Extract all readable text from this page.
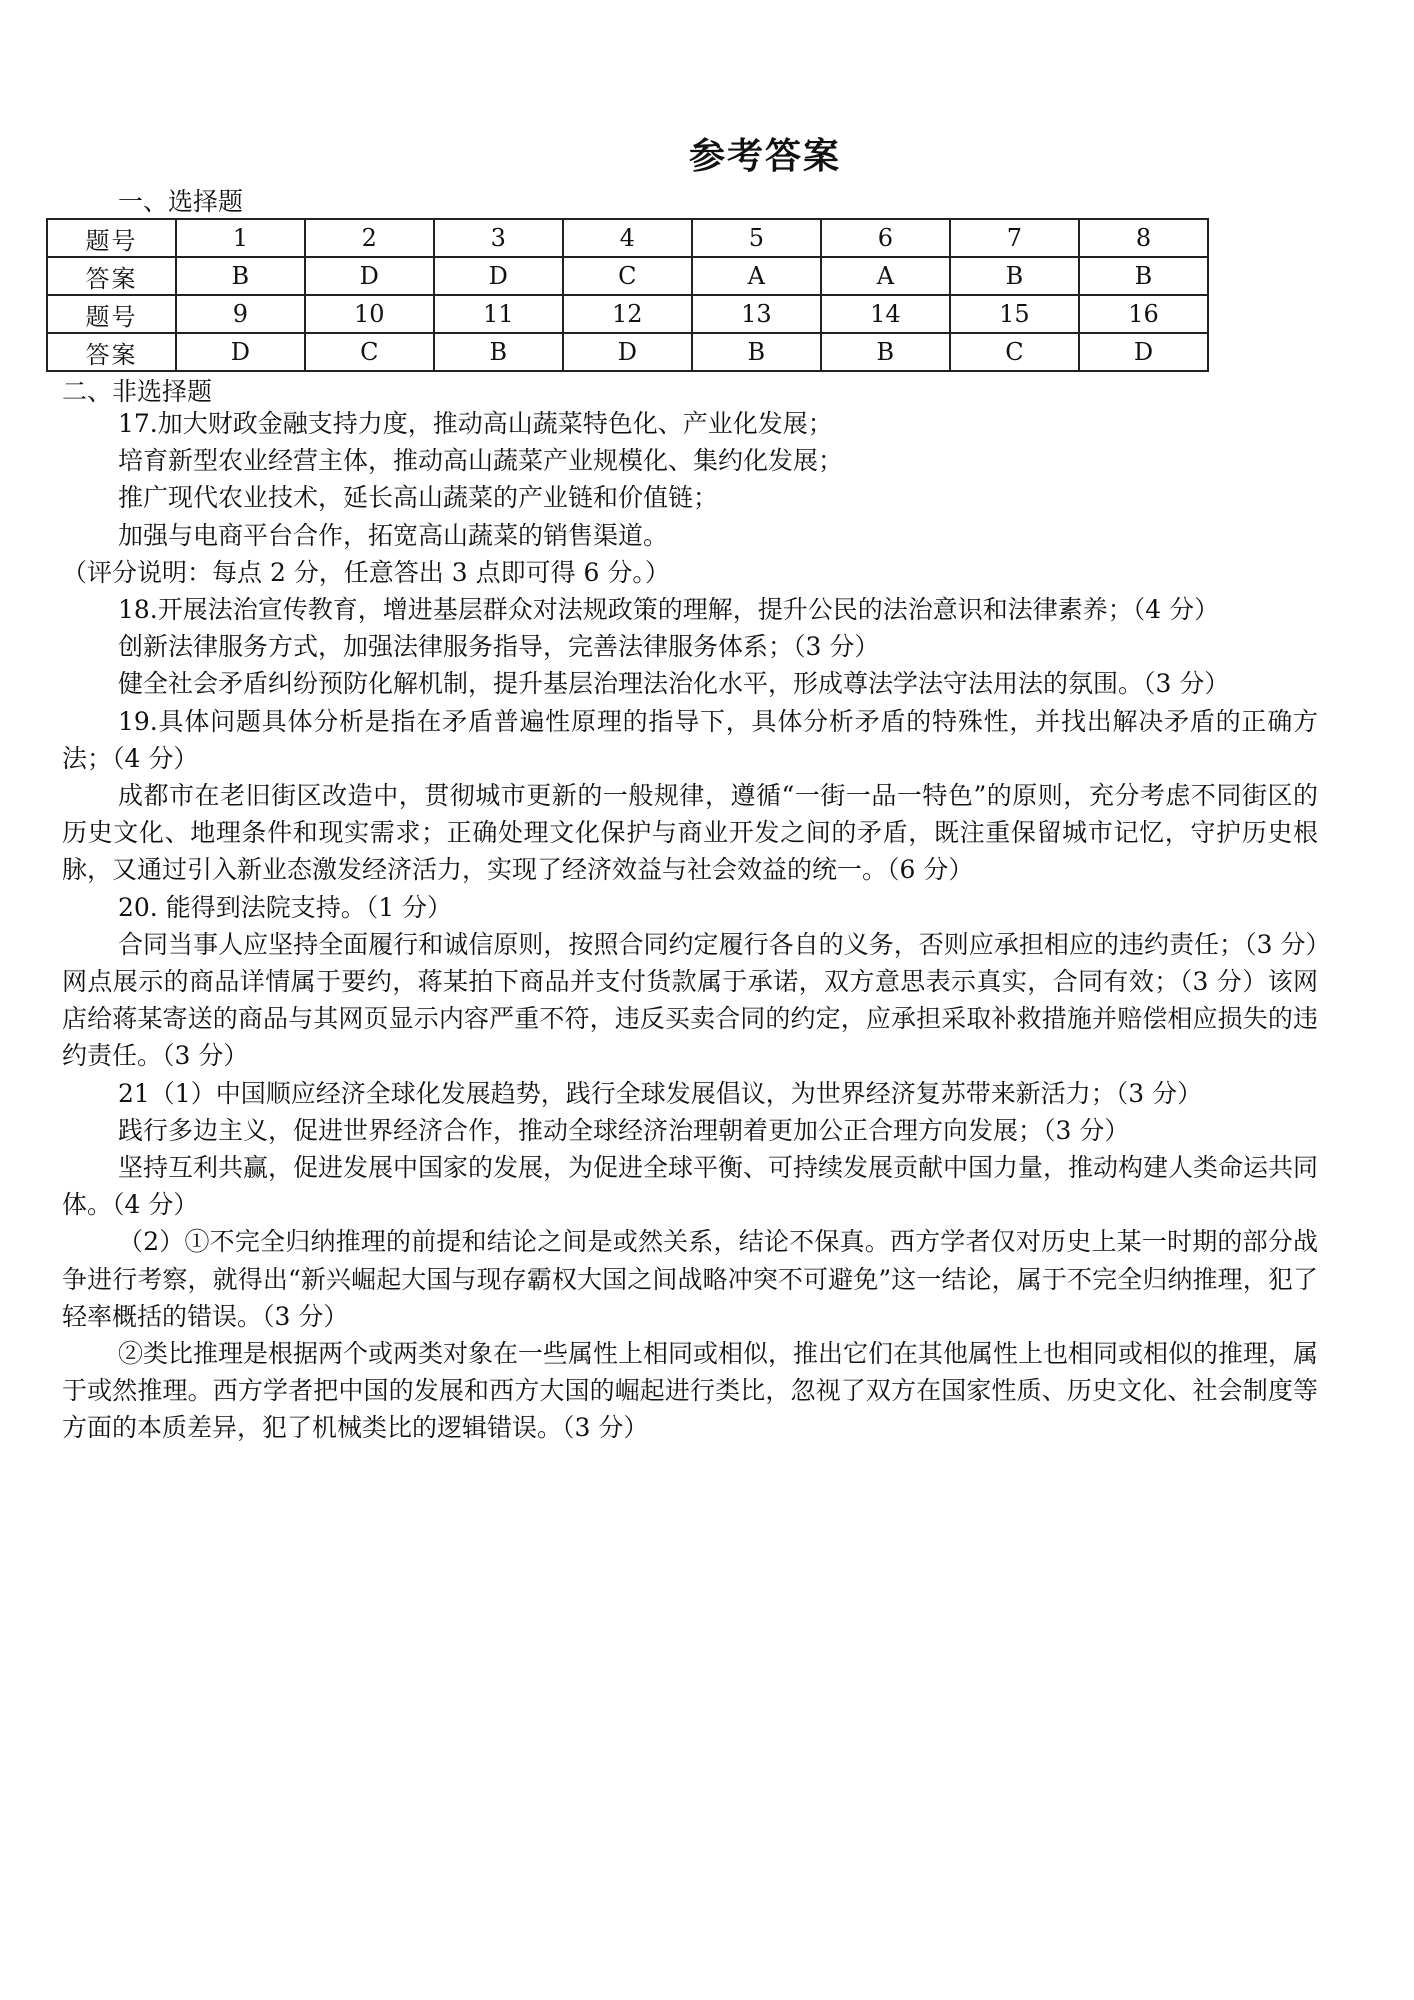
参考答案
一、选择题
题号	1	2	3	4	5	6	7	8
答案	B	D	D	C	A	A	B	B
题号	9	10	11	12	13	14	15	16
答案	D	C	B	D	B	B	C	D
二、非选择题

17.加大财政金融支持力度，推动高山蔬菜特色化、产业化发展；

培育新型农业经营主体，推动高山蔬菜产业规模化、集约化发展；

推广现代农业技术，延长高山蔬菜的产业链和价值链；

加强与电商平台合作，拓宽高山蔬菜的销售渠道。

（评分说明：每点 2 分，任意答出 3 点即可得 6 分。）

18.开展法治宣传教育，增进基层群众对法规政策的理解，提升公民的法治意识和法律素养；（4 分）

创新法律服务方式，加强法律服务指导，完善法律服务体系；（3 分）

健全社会矛盾纠纷预防化解机制，提升基层治理法治化水平，形成尊法学法守法用法的氛围。（3 分）

19.具体问题具体分析是指在矛盾普遍性原理的指导下，具体分析矛盾的特殊性，并找出解决矛盾的正确方法；（4 分）

成都市在老旧街区改造中，贯彻城市更新的一般规律，遵循“一街一品一特色”的原则，充分考虑不同街区的历史文化、地理条件和现实需求；正确处理文化保护与商业开发之间的矛盾，既注重保留城市记忆，守护历史根脉，又通过引入新业态激发经济活力，实现了经济效益与社会效益的统一。（6 分）

20. 能得到法院支持。（1 分）

合同当事人应坚持全面履行和诚信原则，按照合同约定履行各自的义务，否则应承担相应的违约责任；（3 分）网点展示的商品详情属于要约，蒋某拍下商品并支付货款属于承诺，双方意思表示真实，合同有效；（3 分）该网店给蒋某寄送的商品与其网页显示内容严重不符，违反买卖合同的约定，应承担采取补救措施并赔偿相应损失的违约责任。（3 分）

21（1）中国顺应经济全球化发展趋势，践行全球发展倡议，为世界经济复苏带来新活力；（3 分）

践行多边主义，促进世界经济合作，推动全球经济治理朝着更加公正合理方向发展；（3 分）

坚持互利共赢，促进发展中国家的发展，为促进全球平衡、可持续发展贡献中国力量，推动构建人类命运共同体。（4 分）

（2）①不完全归纳推理的前提和结论之间是或然关系，结论不保真。西方学者仅对历史上某一时期的部分战争进行考察，就得出“新兴崛起大国与现存霸权大国之间战略冲突不可避免”这一结论，属于不完全归纳推理，犯了轻率概括的错误。（3 分）

②类比推理是根据两个或两类对象在一些属性上相同或相似，推出它们在其他属性上也相同或相似的推理，属于或然推理。西方学者把中国的发展和西方大国的崛起进行类比，忽视了双方在国家性质、历史文化、社会制度等方面的本质差异，犯了机械类比的逻辑错误。（3 分）
